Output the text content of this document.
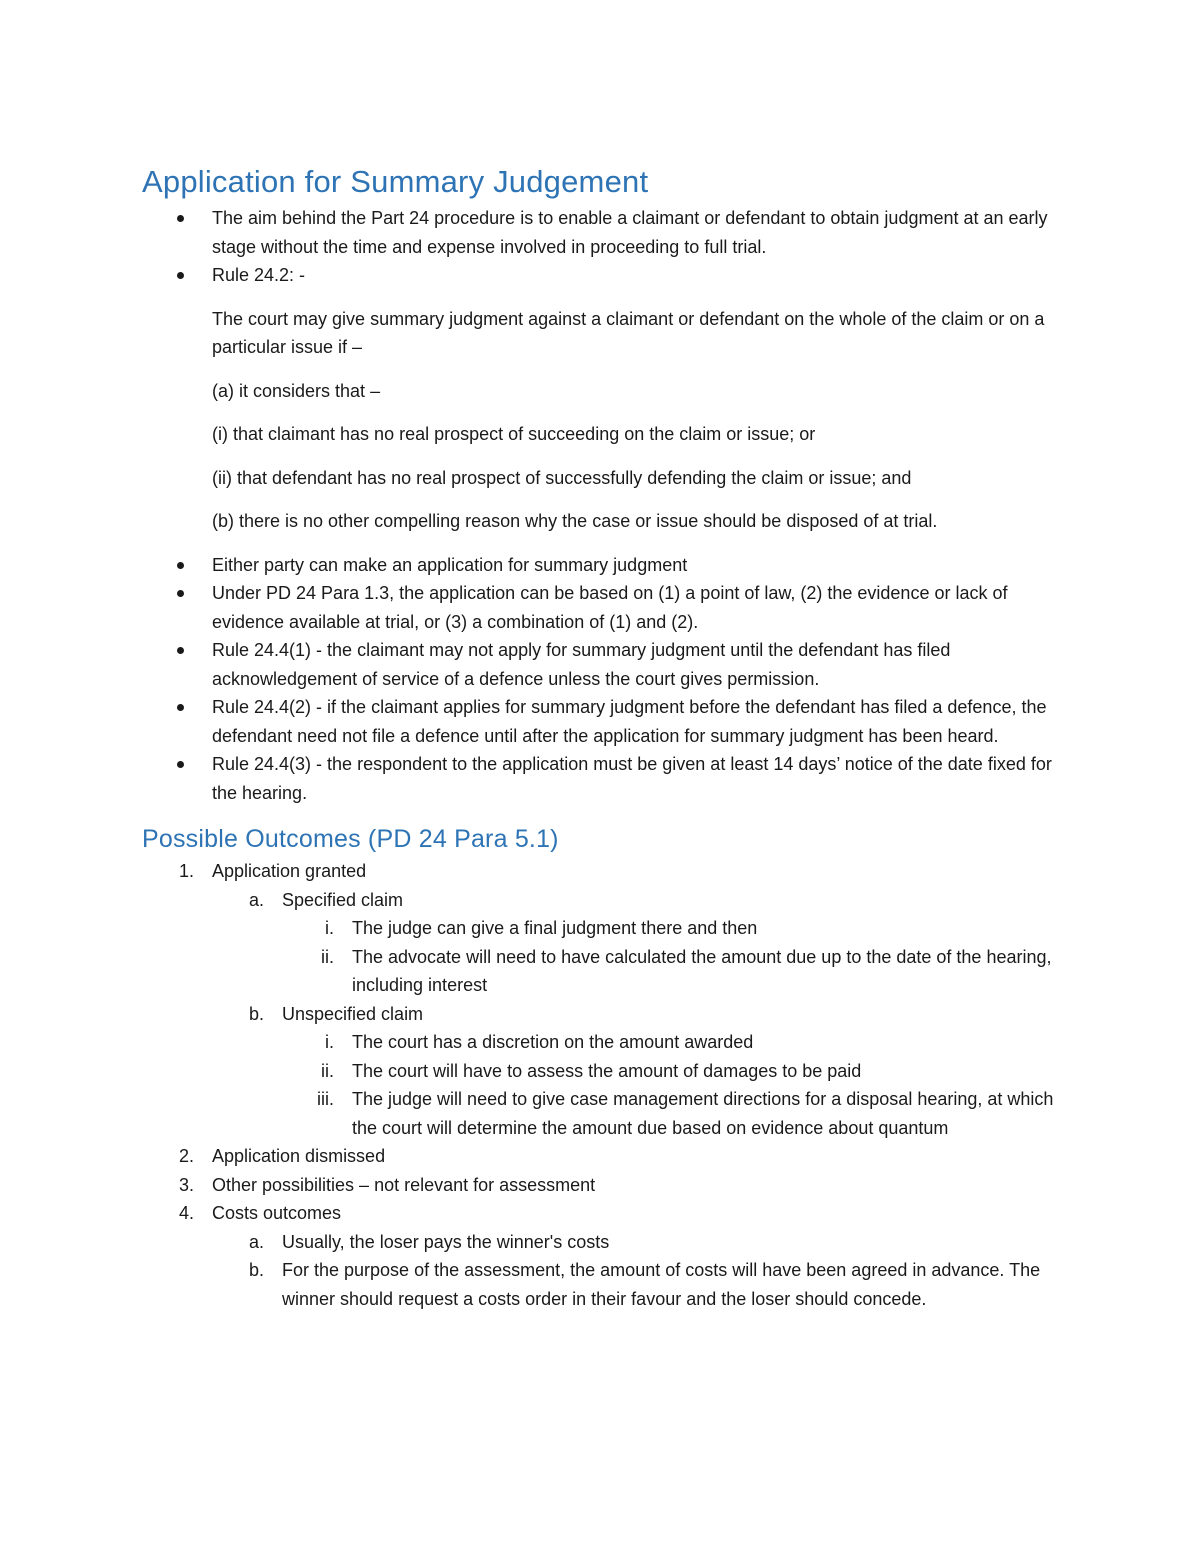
Application for Summary Judgement
The aim behind the Part 24 procedure is to enable a claimant or defendant to obtain judgment at an early stage without the time and expense involved in proceeding to full trial.
Rule 24.2: -

The court may give summary judgment against a claimant or defendant on the whole of the claim or on a particular issue if –

(a) it considers that –

(i) that claimant has no real prospect of succeeding on the claim or issue; or

(ii) that defendant has no real prospect of successfully defending the claim or issue; and

(b) there is no other compelling reason why the case or issue should be disposed of at trial.

Either party can make an application for summary judgment
Under PD 24 Para 1.3, the application can be based on (1) a point of law, (2) the evidence or lack of evidence available at trial, or (3) a combination of (1) and (2).
Rule 24.4(1) - the claimant may not apply for summary judgment until the defendant has filed acknowledgement of service of a defence unless the court gives permission.
Rule 24.4(2) - if the claimant applies for summary judgment before the defendant has filed a defence, the defendant need not file a defence until after the application for summary judgment has been heard.
Rule 24.4(3) - the respondent to the application must be given at least 14 days’ notice of the date fixed for the hearing.
Possible Outcomes (PD 24 Para 5.1)
1. Application granted
a. Specified claim
i. The judge can give a final judgment there and then
ii. The advocate will need to have calculated the amount due up to the date of the hearing, including interest
b. Unspecified claim
i. The court has a discretion on the amount awarded
ii. The court will have to assess the amount of damages to be paid
iii. The judge will need to give case management directions for a disposal hearing, at which the court will determine the amount due based on evidence about quantum
2. Application dismissed
3. Other possibilities – not relevant for assessment
4. Costs outcomes
a. Usually, the loser pays the winner's costs
b. For the purpose of the assessment, the amount of costs will have been agreed in advance. The winner should request a costs order in their favour and the loser should concede.
